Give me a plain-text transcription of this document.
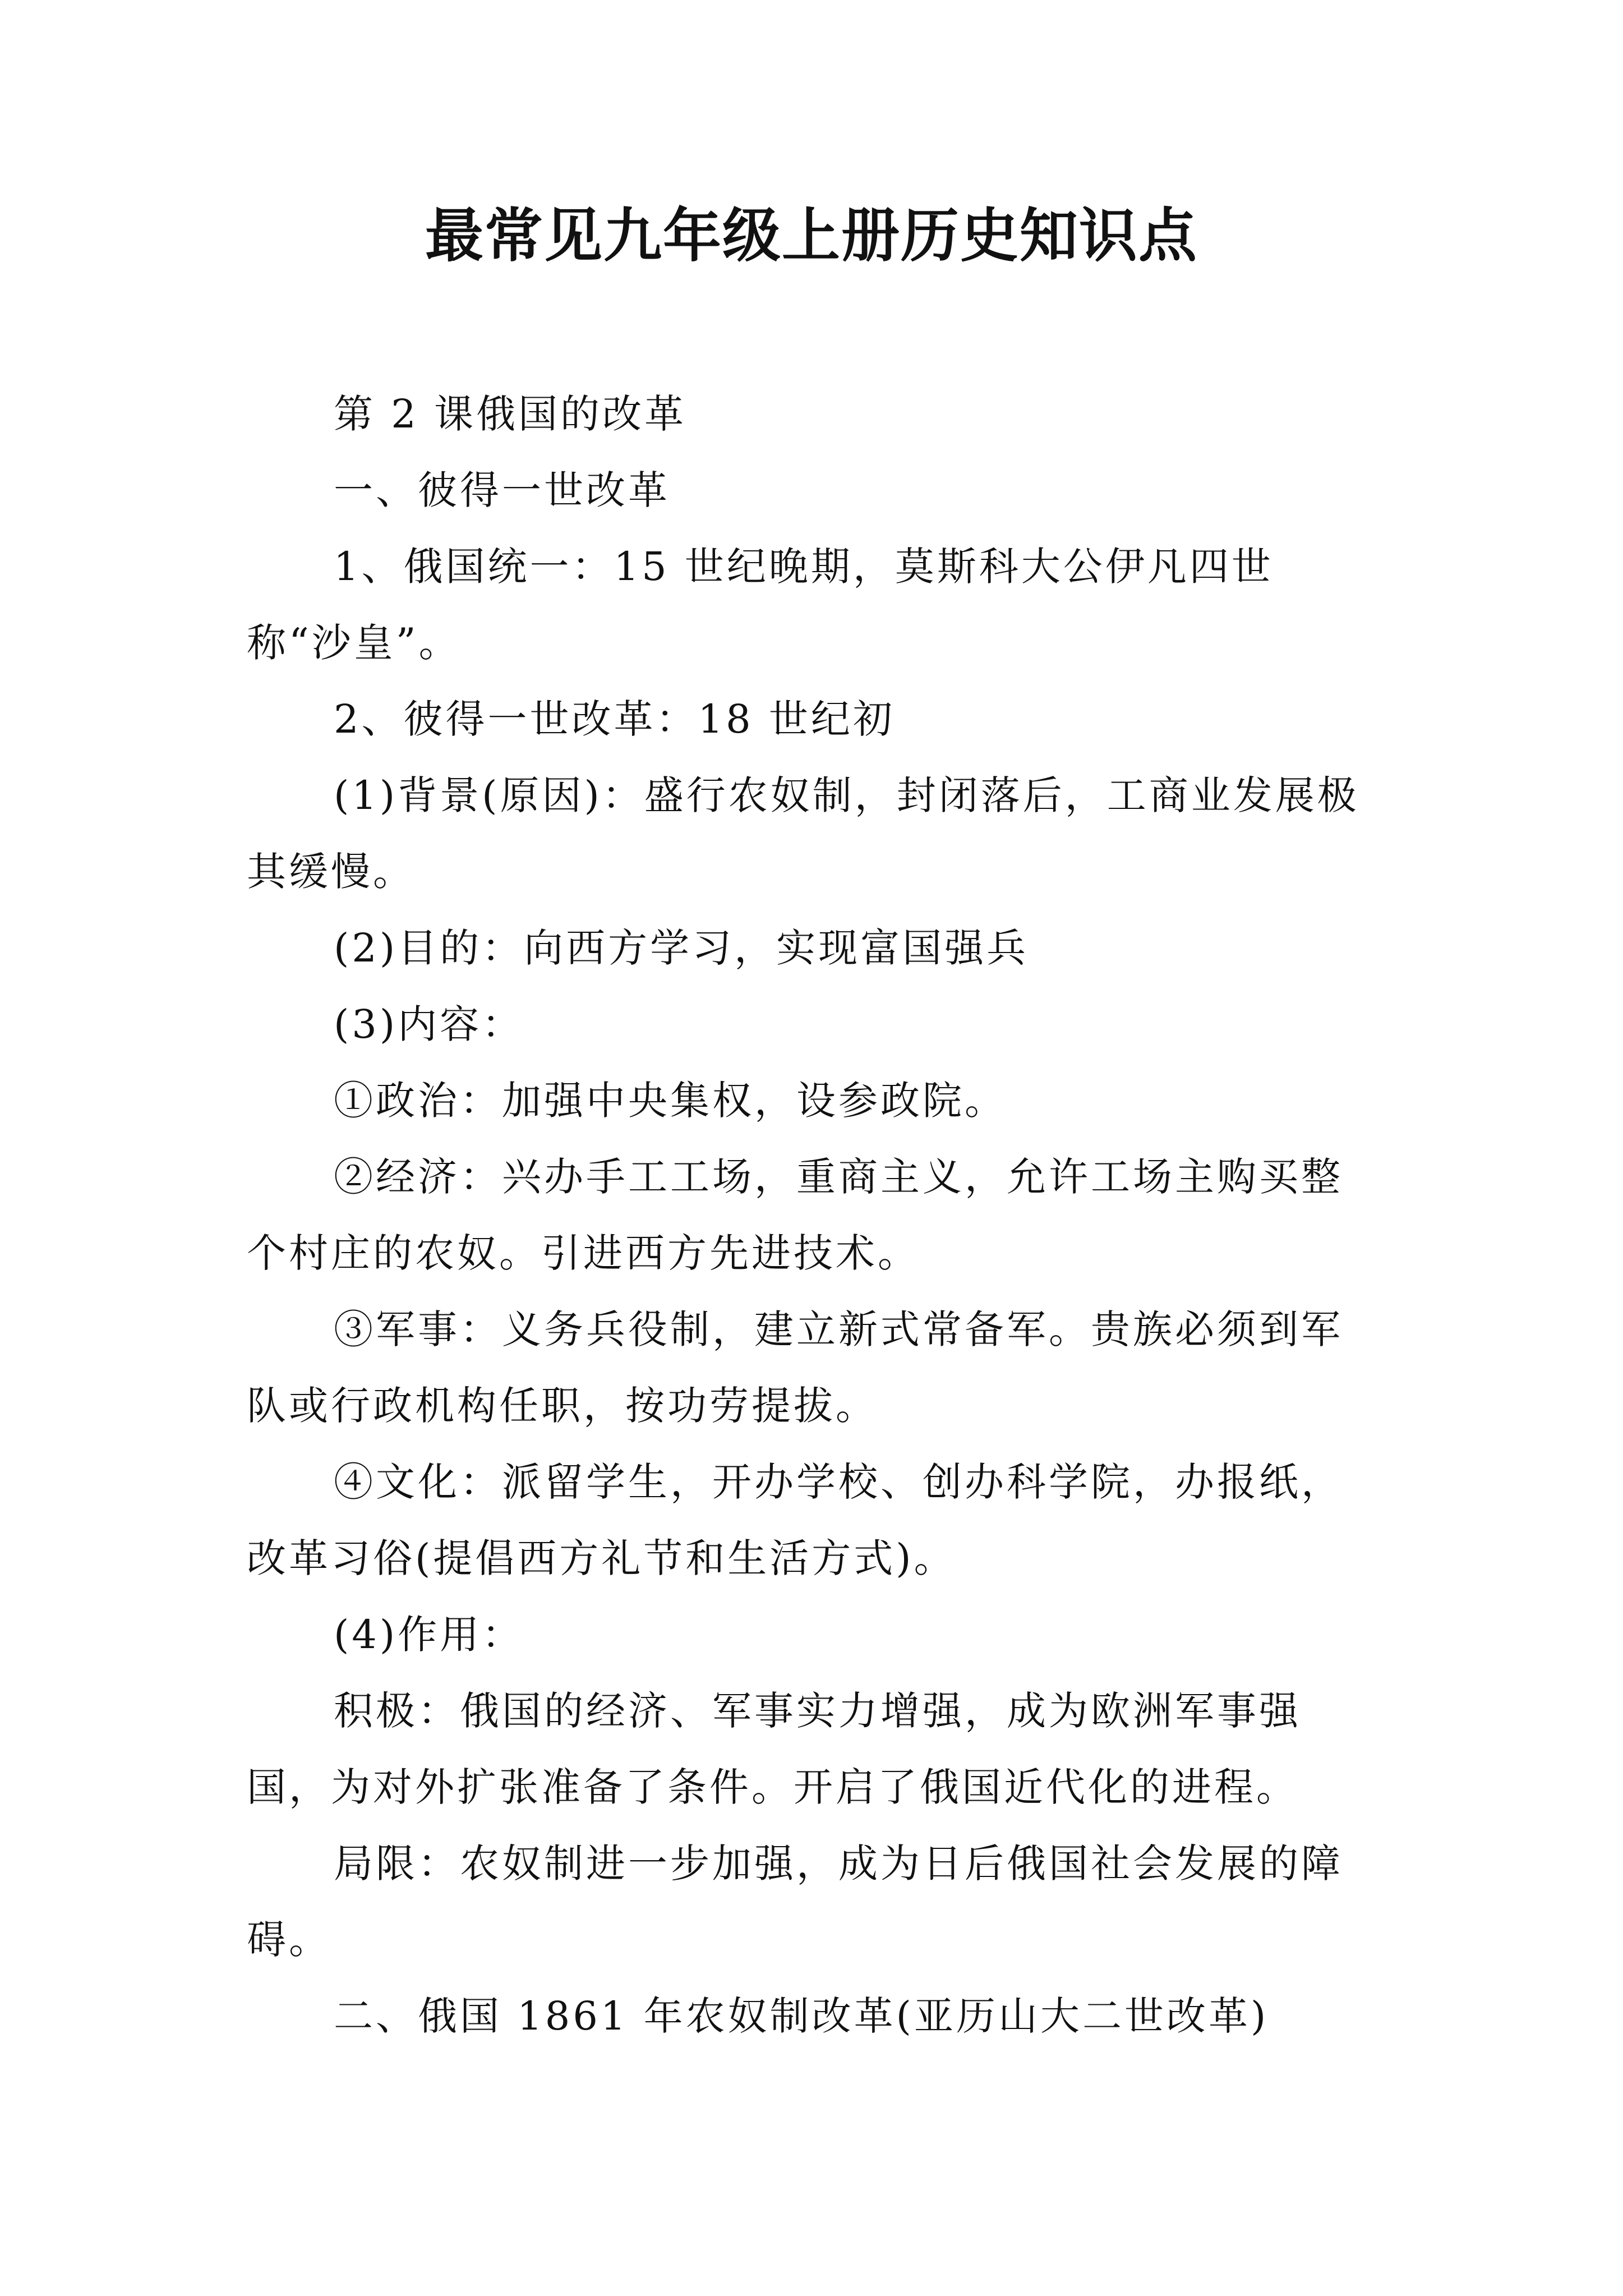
最常见九年级上册历史知识点

第 2 课俄国的改革

一、彼得一世改革

1、俄国统一：15 世纪晚期，莫斯科大公伊凡四世称“沙皇”。

2、彼得一世改革：18 世纪初

(1)背景(原因)：盛行农奴制，封闭落后，工商业发展极其缓慢。

(2)目的：向西方学习，实现富国强兵

(3)内容：

①政治：加强中央集权，设参政院。

②经济：兴办手工工场，重商主义，允许工场主购买整个村庄的农奴。引进西方先进技术。

③军事：义务兵役制，建立新式常备军。贵族必须到军队或行政机构任职，按功劳提拔。

④文化：派留学生，开办学校、创办科学院，办报纸，改革习俗(提倡西方礼节和生活方式)。

(4)作用：

积极：俄国的经济、军事实力增强，成为欧洲军事强国，为对外扩张准备了条件。开启了俄国近代化的进程。

局限：农奴制进一步加强，成为日后俄国社会发展的障碍。

二、俄国 1861 年农奴制改革(亚历山大二世改革)
